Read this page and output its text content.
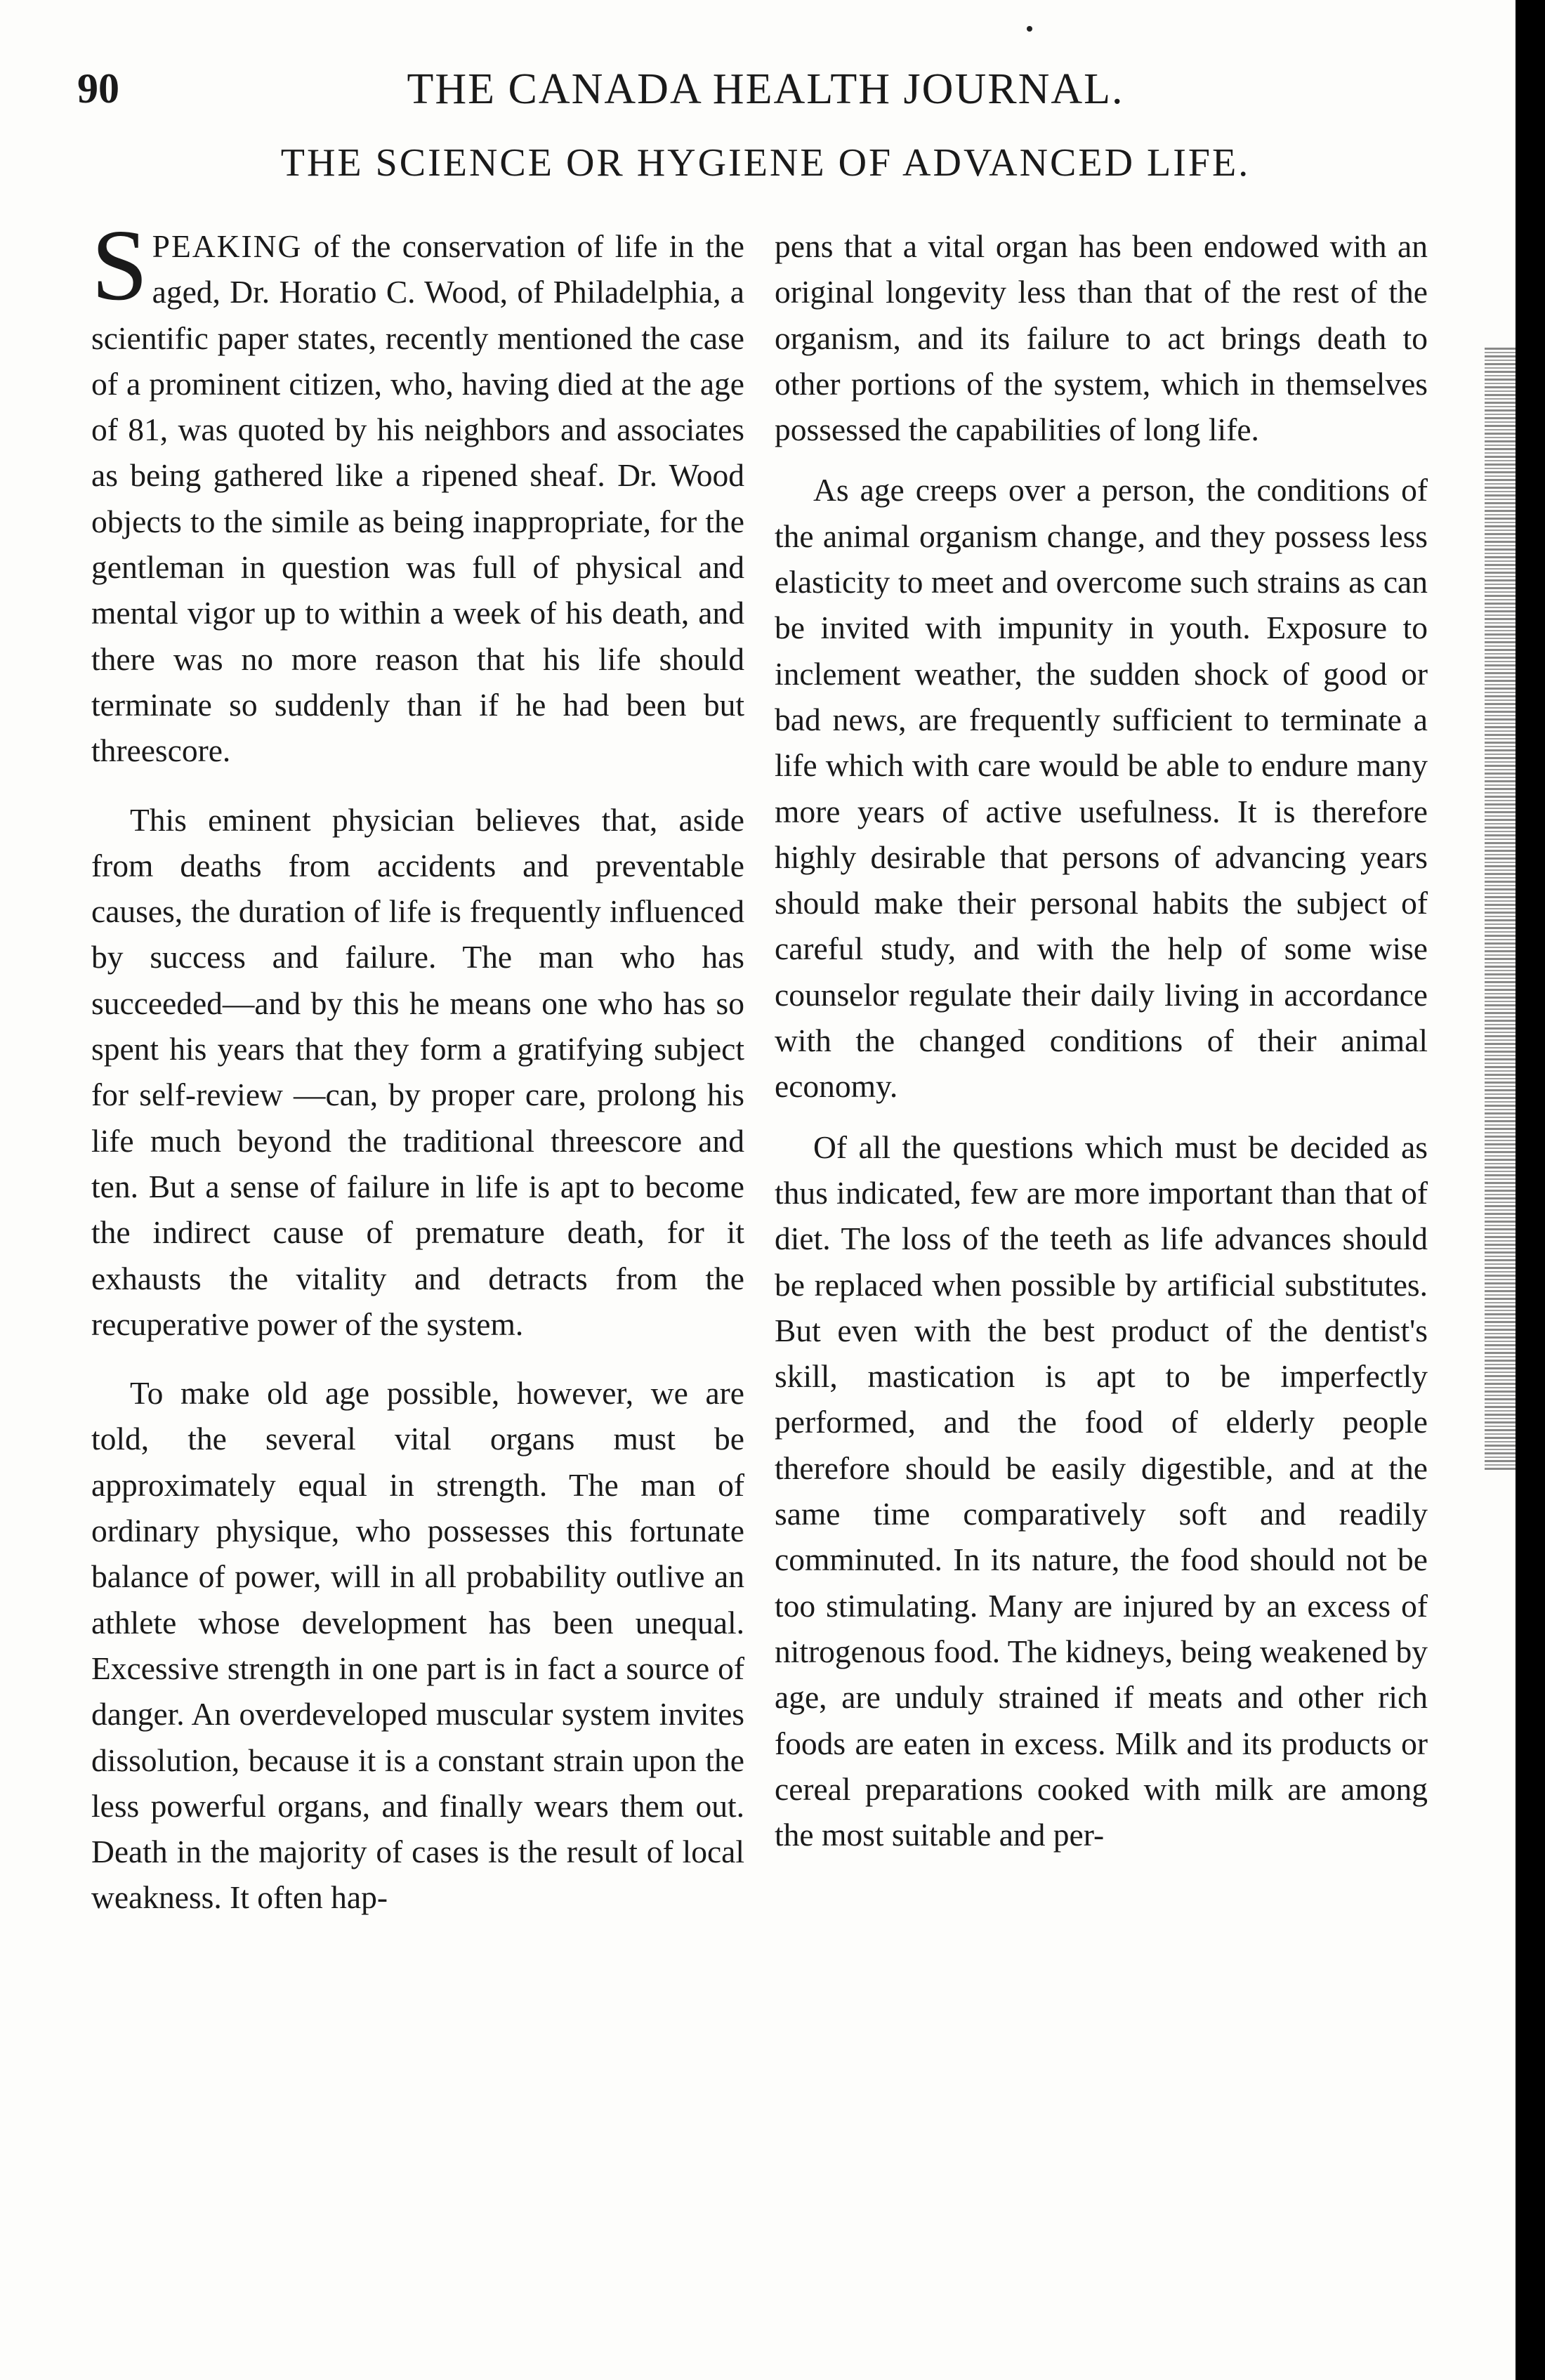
90	THE CANADA HEALTH JOURNAL.
THE SCIENCE OR HYGIENE OF ADVANCED LIFE.

SPEAKING of the conservation of life in the aged, Dr. Horatio C. Wood, of Philadelphia, a scientific paper states, recently mentioned the case of a prominent citizen, who, having died at the age of 81, was quoted by his neighbors and associates as being gathered like a ripened sheaf. Dr. Wood objects to the simile as being inappropriate, for the gentleman in question was full of physical and mental vigor up to within a week of his death, and there was no more reason that his life should terminate so suddenly than if he had been but threescore.

This eminent physician believes that, aside from deaths from accidents and preventable causes, the duration of life is frequently influenced by success and failure. The man who has succeeded—and by this he means one who has so spent his years that they form a gratifying subject for self-review —can, by proper care, prolong his life much beyond the traditional threescore and ten. But a sense of failure in life is apt to become the indirect cause of premature death, for it exhausts the vitality and detracts from the recuperative power of the system.

To make old age possible, however, we are told, the several vital organs must be approximately equal in strength. The man of ordinary physique, who possesses this fortunate balance of power, will in all probability outlive an athlete whose development has been unequal. Excessive strength in one part is in fact a source of danger. An overdeveloped muscular system invites dissolution, because it is a constant strain upon the less powerful organs, and finally wears them out. Death in the majority of cases is the result of local weakness. It often hap-

pens that a vital organ has been endowed with an original longevity less than that of the rest of the organism, and its failure to act brings death to other portions of the system, which in themselves possessed the capabilities of long life.

As age creeps over a person, the conditions of the animal organism change, and they possess less elasticity to meet and overcome such strains as can be invited with impunity in youth. Exposure to inclement weather, the sudden shock of good or bad news, are frequently sufficient to terminate a life which with care would be able to endure many more years of active usefulness. It is therefore highly desirable that persons of advancing years should make their personal habits the subject of careful study, and with the help of some wise counselor regulate their daily living in accordance with the changed conditions of their animal economy.

Of all the questions which must be decided as thus indicated, few are more important than that of diet. The loss of the teeth as life advances should be replaced when possible by artificial substitutes. But even with the best product of the dentist's skill, mastication is apt to be imperfectly performed, and the food of elderly people therefore should be easily digestible, and at the same time comparatively soft and readily comminuted. In its nature, the food should not be too stimulating. Many are injured by an excess of nitrogenous food. The kidneys, being weakened by age, are unduly strained if meats and other rich foods are eaten in excess. Milk and its products or cereal preparations cooked with milk are among the most suitable and per-
